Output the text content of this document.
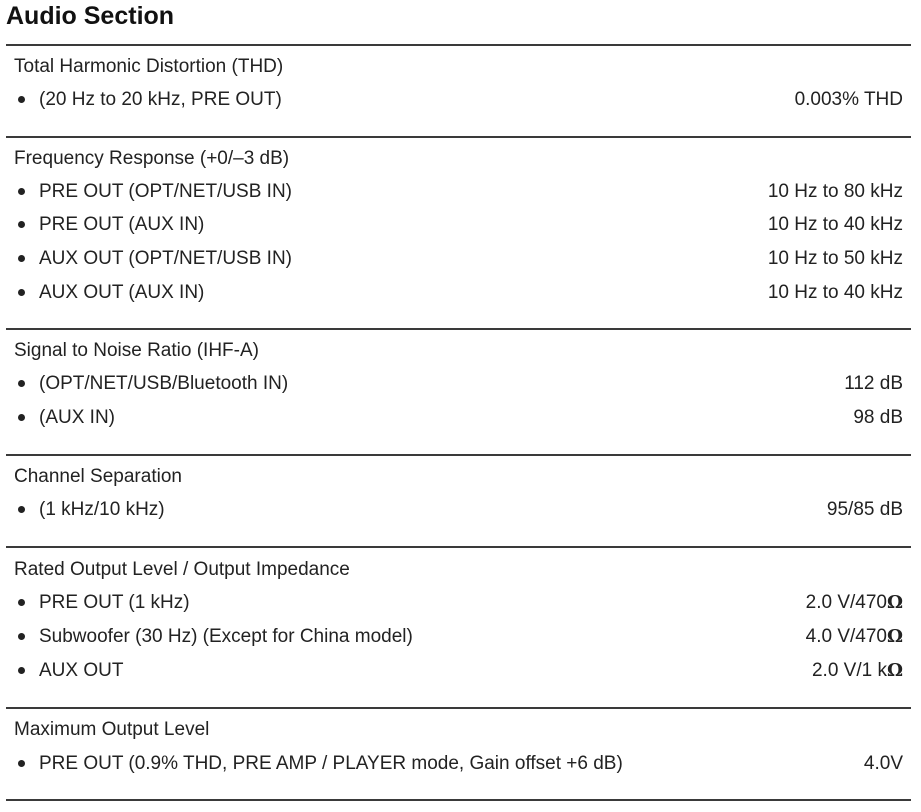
Audio Section
Total Harmonic Distortion (THD)
(20 Hz to 20 kHz, PRE OUT)	0.003% THD
Frequency Response (+0/–3 dB)
PRE OUT (OPT/NET/USB IN)	10 Hz to 80 kHz
PRE OUT (AUX IN)	10 Hz to 40 kHz
AUX OUT (OPT/NET/USB IN)	10 Hz to 50 kHz
AUX OUT (AUX IN)	10 Hz to 40 kHz
Signal to Noise Ratio (IHF-A)
(OPT/NET/USB/Bluetooth IN)	112 dB
(AUX IN)	98 dB
Channel Separation
(1 kHz/10 kHz)	95/85 dB
Rated Output Level / Output Impedance
PRE OUT (1 kHz)	2.0 V/470Ω
Subwoofer (30 Hz) (Except for China model)	4.0 V/470Ω
AUX OUT	2.0 V/1 kΩ
Maximum Output Level
PRE OUT (0.9% THD, PRE AMP / PLAYER mode, Gain offset +6 dB)	4.0V
